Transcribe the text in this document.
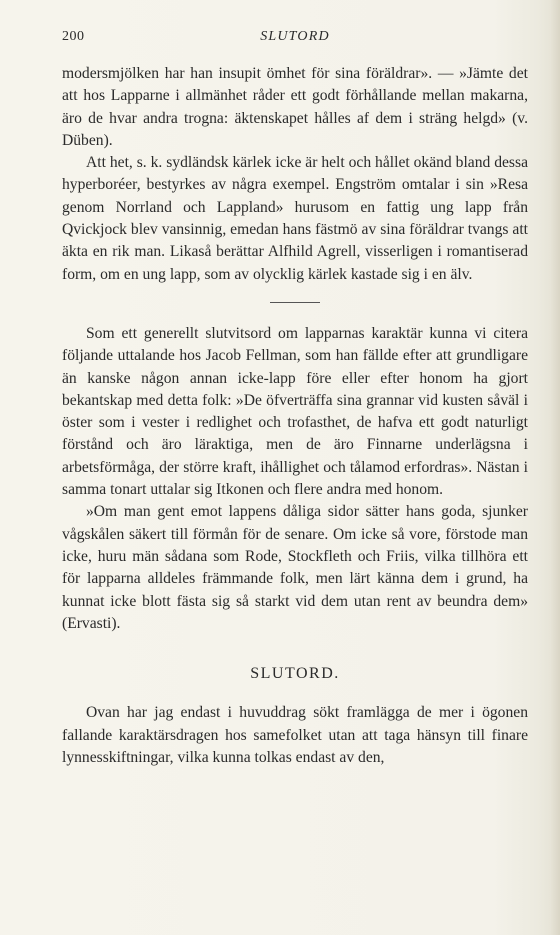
200	SLUTORD

modersmjölken har han insupit ömhet för sina föräldrar». — »Jämte det att hos Lapparne i allmänhet råder ett godt förhållande mellan makarna, äro de hvar andra trogna: äktenskapet hålles af dem i sträng helgd» (v. Düben).

Att het, s. k. sydländsk kärlek icke är helt och hållet okänd bland dessa hyperboréer, bestyrkes av några exempel. Engström omtalar i sin »Resa genom Norrland och Lappland» hurusom en fattig ung lapp från Qvickjock blev vansinnig, emedan hans fästmö av sina föräldrar tvangs att äkta en rik man. Likaså berättar Alfhild Agrell, visserligen i romantiserad form, om en ung lapp, som av olycklig kärlek kastade sig i en älv.

Som ett generellt slutvitsord om lapparnas karaktär kunna vi citera följande uttalande hos Jacob Fellman, som han fällde efter att grundligare än kanske någon annan icke-lapp före eller efter honom ha gjort bekantskap med detta folk: »De öfverträffa sina grannar vid kusten såväl i öster som i vester i redlighet och trofasthet, de hafva ett godt naturligt förstånd och äro läraktiga, men de äro Finnarne underlägsna i arbetsförmåga, der större kraft, ihållighet och tålamod erfordras». Nästan i samma tonart uttalar sig Itkonen och flere andra med honom.

»Om man gent emot lappens dåliga sidor sätter hans goda, sjunker vågskålen säkert till förmån för de senare. Om icke så vore, förstode man icke, huru män sådana som Rode, Stockfleth och Friis, vilka tillhöra ett för lapparna alldeles främmande folk, men lärt känna dem i grund, ha kunnat icke blott fästa sig så starkt vid dem utan rent av beundra dem» (Ervasti).

SLUTORD.

Ovan har jag endast i huvuddrag sökt framlägga de mer i ögonen fallande karaktärsdragen hos samefolket utan att taga hänsyn till finare lynnesskiftningar, vilka kunna tolkas endast av den,
